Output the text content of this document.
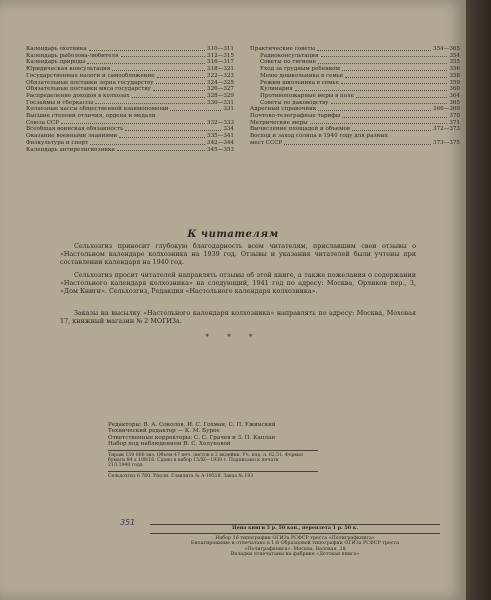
Календарь охотника	310—311
Календарь рыболова-любителя	312—315
Календарь природы	316—317
Юридическая консультация	318—321
Государственные налоги и самообложение	322—323
Обязательные поставки зерна государству	324—325
Обязательные поставки мяса государству	326—327
Распределение доходов в колхозах	328—329
Госзаймы и сберкассы	330—331
Колхозные кассы общественной взаимопомощи	331
Высшие степени отличия, ордена и медали
Союза ССР	332—333
Всеобщая воинская обязанность	334
Оказание военными знаниями	335—341
Физкультура и спорт	342—344
Календарь антирелигиозника	345—353
Практические советы	354—365
Радиоконсультация	354
Советы по гигиене	355
Уход за грудным ребенком	356
Меню дошкольника в семье	358
Режим школьника в семье	359
Кулинария	360
Противопожарные меры в поле	364
Советы по даководству	365
Адресный справочник	366—369
Почтово-телеграфные тарифы	370
Метрические меры	371
Вычисление площадей и объемов	372—373
Восход и заход солнца в 1940 году для разных
мест СССР	373—375
К читателям
Сельхозгиз приносит глубокую благодарность всем читателям, приславшим свои отзывы о «Настольном календаре колхозника на 1939 год. Отзывы и указания читателей были учтены при составлении календаря на 1940 год.
Сельхозгиз просит читателей направлять отзывы об этой книге, а также пожелания о содержании «Настольного календаря колхозника» на следующий, 1941 год по адресу: Москва, Орликов пер., 3, «Дом Книги». Сельхозгиз, Редакция «Настольного календаря колхозника».
Заказы на высылку «Настольного календаря колхозника» направлять по адресу: Москва, Моховая 17, книжный магазин № 2 МОГИЗа.
* * *
Редакторы: В. А. Соколов, И. С. Гохман, С. П. Ужинский
Технический редактор — К. М. Бурое
Ответственные корректоры: С. С. Грачев и З. П. Каплан
Набор под наблюдением Я. С. Холуповой
Тираж 150 000 экз. Объем 47 печ. листов в 2 вклейки. Уч. изд. л. 62,51. Формат
бумаги 84 х 108/16. Сдано в набор 15/XI—1939 г. Подписано к печати
21/I 1940 года
Сельхозгиз 6 760. Уполн. Главлита № А-19518. Заказ № 193
351
Цена книги 5 р. 50 коп., переплета 1 р. 50 к.
Набор 16 типографии ОГИЗа РСФСР треста «Полиграфкнига»
Билагирование и отпечатано в 1-й Образцовой типографии ОГИЗа РСФСР треста
«Полиграфкнига». Москва, Валовая, 28
Вкладки отпечатаны на фабрике «Детская книга»
